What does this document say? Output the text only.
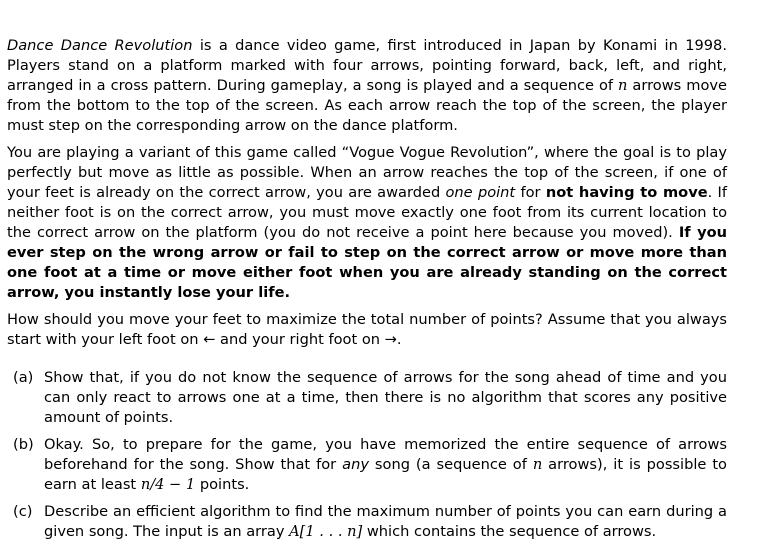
Dance Dance Revolution is a dance video game, first introduced in Japan by Konami in 1998. Players stand on a platform marked with four arrows, pointing forward, back, left, and right, arranged in a cross pattern. During gameplay, a song is played and a sequence of n arrows move from the bottom to the top of the screen. As each arrow reach the top of the screen, the player must step on the corresponding arrow on the dance platform.

You are playing a variant of this game called “Vogue Vogue Revolution”, where the goal is to play perfectly but move as little as possible. When an arrow reaches the top of the screen, if one of your feet is already on the correct arrow, you are awarded one point for not having to move. If neither foot is on the correct arrow, you must move exactly one foot from its current location to the correct arrow on the platform (you do not receive a point here because you moved). If you ever step on the wrong arrow or fail to step on the correct arrow or move more than one foot at a time or move either foot when you are already standing on the correct arrow, you instantly lose your life.

How should you move your feet to maximize the total number of points? Assume that you always start with your left foot on ← and your right foot on →.

(a) Show that, if you do not know the sequence of arrows for the song ahead of time and you can only react to arrows one at a time, then there is no algorithm that scores any positive amount of points.
(b) Okay. So, to prepare for the game, you have memorized the entire sequence of arrows beforehand for the song. Show that for any song (a sequence of n arrows), it is possible to earn at least n/4 − 1 points.
(c) Describe an efficient algorithm to find the maximum number of points you can earn during a given song. The input is an array A[1 . . . n] which contains the sequence of arrows.
